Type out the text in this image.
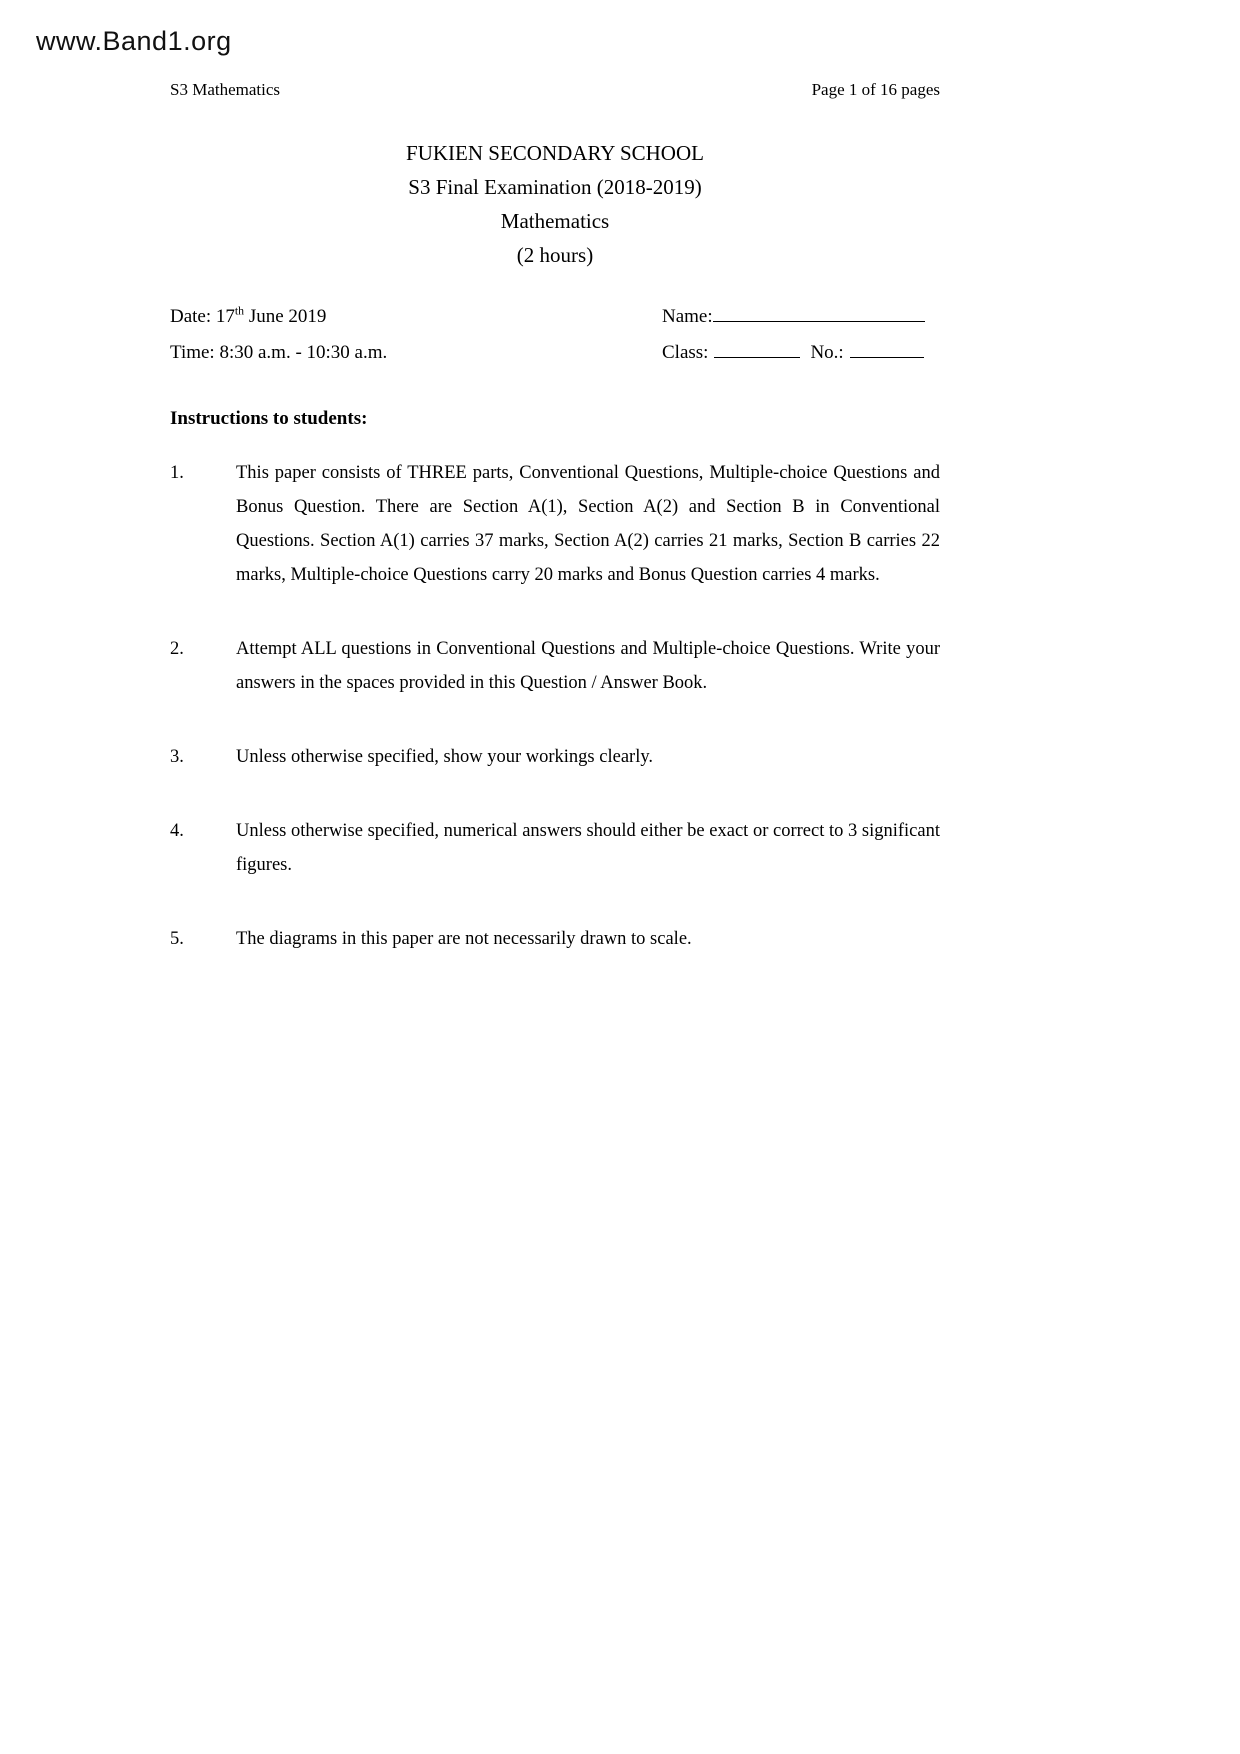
www.Band1.org
S3 Mathematics	Page 1 of 16 pages
FUKIEN SECONDARY SCHOOL
S3 Final Examination (2018-2019)
Mathematics
(2 hours)
Date: 17th June 2019	Name:
Time: 8:30 a.m. - 10:30 a.m.	Class:	No.:
Instructions to students:
1.	This paper consists of THREE parts, Conventional Questions, Multiple-choice Questions and Bonus Question. There are Section A(1), Section A(2) and Section B in Conventional Questions. Section A(1) carries 37 marks, Section A(2) carries 21 marks, Section B carries 22 marks, Multiple-choice Questions carry 20 marks and Bonus Question carries 4 marks.
2.	Attempt ALL questions in Conventional Questions and Multiple-choice Questions. Write your answers in the spaces provided in this Question / Answer Book.
3.	Unless otherwise specified, show your workings clearly.
4.	Unless otherwise specified, numerical answers should either be exact or correct to 3 significant figures.
5.	The diagrams in this paper are not necessarily drawn to scale.
